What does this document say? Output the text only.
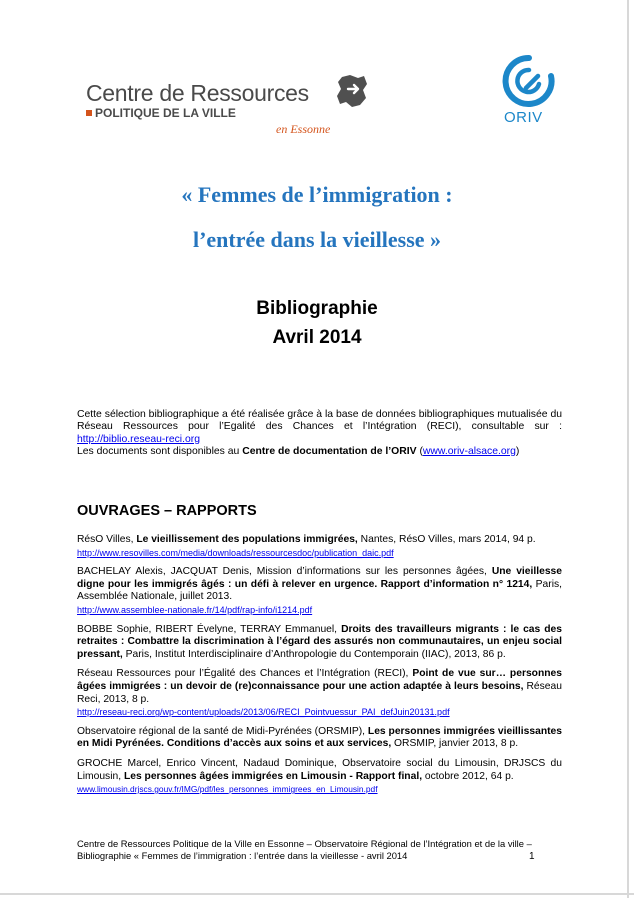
Centre de Ressources
POLITIQUE DE LA VILLE
en Essonne
ORIV
« Femmes de l’immigration :
l’entrée dans la vieillesse »
Bibliographie
Avril 2014

Cette sélection bibliographique a été réalisée grâce à la base de données bibliographiques mutualisée du Réseau Ressources pour l’Egalité des Chances et l’Intégration (RECI), consultable sur : http://biblio.reseau-reci.org

Les documents sont disponibles au Centre de documentation de l’ORIV (www.oriv-alsace.org)

OUVRAGES – RAPPORTS
RésO Villes, Le vieillissement des populations immigrées, Nantes, RésO Villes, mars 2014, 94 p.
http://www.resovilles.com/media/downloads/ressourcesdoc/publication_daic.pdf
BACHELAY Alexis, JACQUAT Denis, Mission d’informations sur les personnes âgées, Une vieillesse digne pour les immigrés âgés : un défi à relever en urgence. Rapport d’information n° 1214, Paris, Assemblée Nationale, juillet 2013.
http://www.assemblee-nationale.fr/14/pdf/rap-info/i1214.pdf
BOBBE Sophie, RIBERT Évelyne, TERRAY Emmanuel, Droits des travailleurs migrants : le cas des retraites : Combattre la discrimination à l’égard des assurés non communautaires, un enjeu social pressant, Paris, Institut Interdisciplinaire d’Anthropologie du Contemporain (IIAC), 2013, 86 p.
Réseau Ressources pour l’Égalité des Chances et l’Intégration (RECI), Point de vue sur… personnes âgées immigrées : un devoir de (re)connaissance pour une action adaptée à leurs besoins, Réseau Reci, 2013, 8 p.
http://reseau-reci.org/wp-content/uploads/2013/06/RECI_Pointvuessur_PAI_defJuin20131.pdf
Observatoire régional de la santé de Midi-Pyrénées (ORSMIP), Les personnes immigrées vieillissantes en Midi Pyrénées. Conditions d’accès aux soins et aux services, ORSMIP, janvier 2013, 8 p.
GROCHE Marcel, Enrico Vincent, Nadaud Dominique, Observatoire social du Limousin, DRJSCS du Limousin, Les personnes âgées immigrées en Limousin - Rapport final, octobre 2012, 64 p.
www.limousin.drjscs.gouv.fr/IMG/pdf/les_personnes_immigrees_en_Limousin.pdf
Centre de Ressources Politique de la Ville en Essonne – Observatoire Régional de l’Intégration et de la ville –
Bibliographie « Femmes de l’immigration : l’entrée dans la vieillesse - avril 2014	1
